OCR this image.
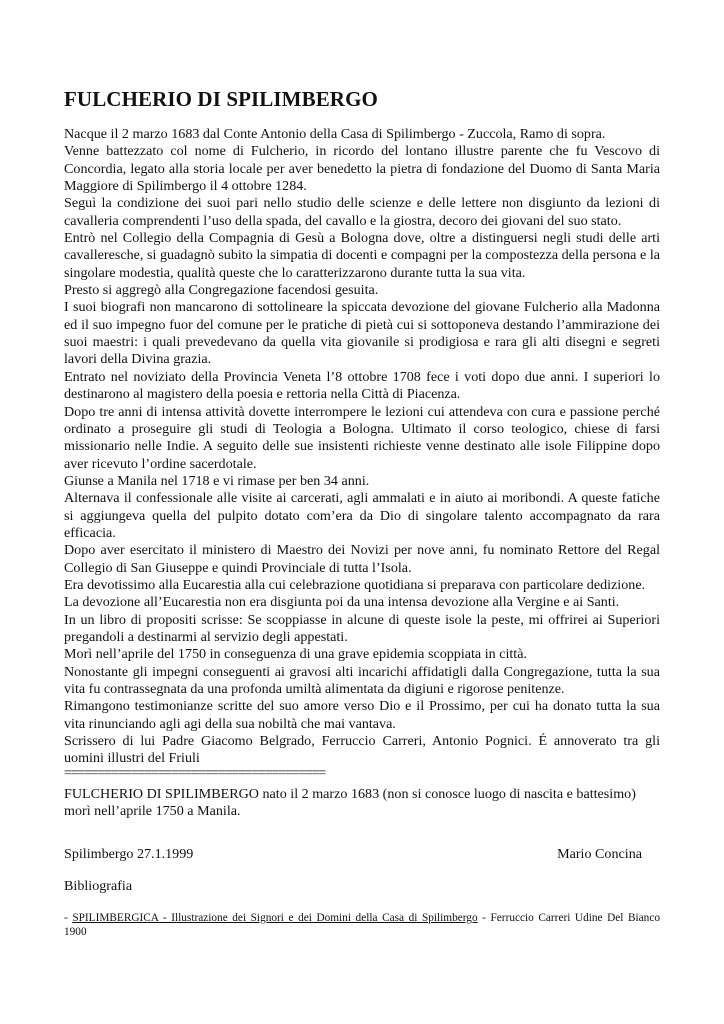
FULCHERIO DI SPILIMBERGO

Nacque il 2 marzo 1683 dal Conte Antonio della Casa di Spilimbergo - Zuccola, Ramo di sopra.

Venne battezzato col nome di Fulcherio, in ricordo del lontano illustre parente che fu Vescovo di Concordia, legato alla storia locale per aver benedetto la pietra di fondazione del Duomo di Santa Maria Maggiore di Spilimbergo il 4 ottobre 1284.

Seguì la condizione dei suoi pari nello studio delle scienze e delle lettere non disgiunto da lezioni di cavalleria comprendenti l’uso della spada, del cavallo e la giostra, decoro dei giovani del suo stato.

Entrò nel Collegio della Compagnia di Gesù a Bologna dove, oltre a distinguersi negli studi delle arti cavalleresche, si guadagnò subito la simpatia di docenti e compagni per la compostezza della persona e la singolare modestia, qualità queste che lo caratterizzarono durante tutta la sua vita.

Presto si aggregò alla Congregazione facendosi gesuita.

I suoi biografi non mancarono di sottolineare la spiccata devozione del giovane Fulcherio alla Madonna ed il suo impegno fuor del comune per le pratiche di pietà cui si sottoponeva destando l’ammirazione dei suoi maestri: i quali prevedevano da quella vita giovanile si prodigiosa e rara gli alti disegni e segreti lavori della Divina grazia.

Entrato nel noviziato della Provincia Veneta l’8 ottobre 1708 fece i voti dopo due anni. I superiori lo destinarono al magistero della poesia e rettoria nella Città di Piacenza.

Dopo tre anni di intensa attività dovette interrompere le lezioni cui attendeva con cura e passione perché ordinato a proseguire gli studi di Teologia a Bologna. Ultimato il corso teologico, chiese di farsi missionario nelle Indie. A seguito delle sue insistenti richieste venne destinato alle isole Filippine dopo aver ricevuto l’ordine sacerdotale.

Giunse a Manila nel 1718 e vi rimase per ben 34 anni.

Alternava il confessionale alle visite ai carcerati, agli ammalati e in aiuto ai moribondi. A queste fatiche si aggiungeva quella del pulpito dotato com’era da Dio di singolare talento accompagnato da rara efficacia.

Dopo aver esercitato il ministero di Maestro dei Novizi per nove anni, fu nominato Rettore del Regal Collegio di San Giuseppe e quindi Provinciale di tutta l’Isola.

Era devotissimo alla Eucarestia alla cui celebrazione quotidiana si preparava con particolare dedizione.

La devozione all’Eucarestia non era disgiunta poi da una intensa devozione alla Vergine e ai Santi.

In un libro di propositi scrisse: Se scoppiasse in alcune di queste isole la peste, mi offrirei ai Superiori pregandoli a destinarmi al servizio degli appestati.

Morì nell’aprile del 1750 in conseguenza di una grave epidemia scoppiata in città.

Nonostante gli impegni conseguenti ai gravosi alti incarichi affidatigli dalla Congregazione, tutta la sua vita fu contrassegnata da una profonda umiltà alimentata da digiuni e rigorose penitenze.

Rimangono testimonianze scritte del suo amore verso Dio e il Prossimo, per cui ha donato tutta la sua vita rinunciando agli agi della sua nobiltà che mai vantava.

Scrissero di lui Padre Giacomo Belgrado, Ferruccio Carreri, Antonio Pognici. É annoverato tra gli uomini illustri del Friuli

=======================================
FULCHERIO DI SPILIMBERGO nato il 2 marzo 1683 (non si conosce luogo di nascita e battesimo)
morì nell’aprile 1750 a Manila.
Spilimbergo 27.1.1999	Mario Concina
Bibliografia
- SPILIMBERGICA - Illustrazione dei Signori e dei Domini della Casa di Spilimbergo - Ferruccio Carreri Udine Del Bianco 1900
